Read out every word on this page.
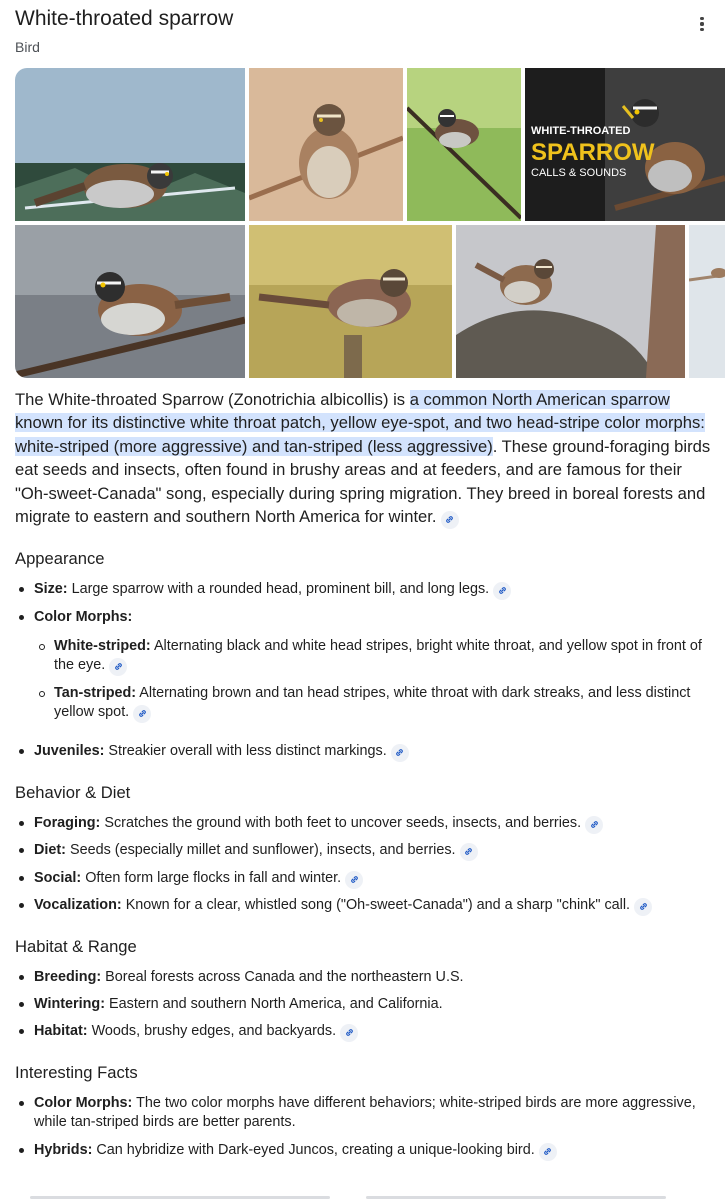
White-throated sparrow
Bird
WHITE-THROATED
SPARROW
CALLS & SOUNDS

The White-throated Sparrow (Zonotrichia albicollis) is a common North American sparrow known for its distinctive white throat patch, yellow eye-spot, and two head-stripe color morphs: white-striped (more aggressive) and tan-striped (less aggressive). These ground-foraging birds eat seeds and insects, often found in brushy areas and at feeders, and are famous for their "Oh-sweet-Canada" song, especially during spring migration. They breed in boreal forests and migrate to eastern and southern North America for winter.

Appearance
Size: Large sparrow with a rounded head, prominent bill, and long legs.
Color Morphs:
White-striped: Alternating black and white head stripes, bright white throat, and yellow spot in front of the eye.
Tan-striped: Alternating brown and tan head stripes, white throat with dark streaks, and less distinct yellow spot.
Juveniles: Streakier overall with less distinct markings.
Behavior & Diet
Foraging: Scratches the ground with both feet to uncover seeds, insects, and berries.
Diet: Seeds (especially millet and sunflower), insects, and berries.
Social: Often form large flocks in fall and winter.
Vocalization: Known for a clear, whistled song ("Oh-sweet-Canada") and a sharp "chink" call.
Habitat & Range
Breeding: Boreal forests across Canada and the northeastern U.S.
Wintering: Eastern and southern North America, and California.
Habitat: Woods, brushy edges, and backyards.
Interesting Facts
Color Morphs: The two color morphs have different behaviors; white-striped birds are more aggressive, while tan-striped birds are better parents.
Hybrids: Can hybridize with Dark-eyed Juncos, creating a unique-looking bird.
